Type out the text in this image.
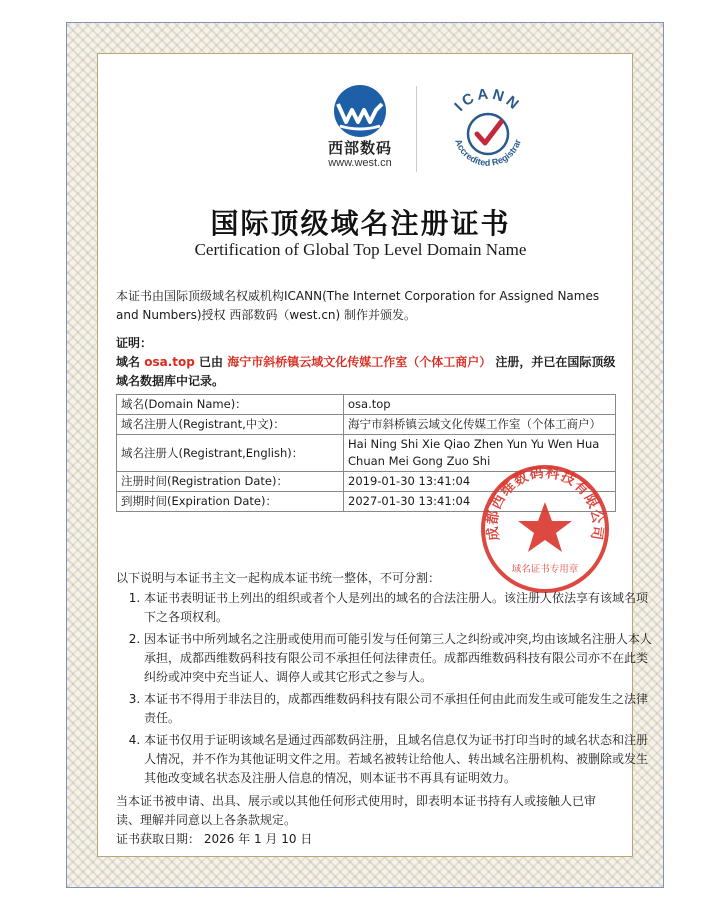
西部数码
www.west.cn
ICANN
Accredited Registrar
国际顶级域名注册证书
Certification of Global Top Level Domain Name
本证书由国际顶级域名权威机构ICANN(The Internet Corporation for Assigned Names and Numbers)授权 西部数码（west.cn) 制作并颁发。
证明：
域名 osa.top 已由 海宁市斜桥镇云域文化传媒工作室（个体工商户） 注册，并已在国际顶级域名数据库中记录。
域名(Domain Name)：	osa.top
域名注册人(Registrant,中文)：	海宁市斜桥镇云域文化传媒工作室（个体工商户）
域名注册人(Registrant,English)：	Hai Ning Shi Xie Qiao Zhen Yun Yu Wen Hua Chuan Mei Gong Zuo Shi
注册时间(Registration Date)：	2019-01-30 13:41:04
到期时间(Expiration Date)：	2027-01-30 13:41:04
成都西维数码科技有限公司
域名证书专用章
以下说明与本证书主文一起构成本证书统一整体，不可分割：
1. 本证书表明证书上列出的组织或者个人是列出的域名的合法注册人。该注册人依法享有该域名项下之各项权利。
2. 因本证书中所列域名之注册或使用而可能引发与任何第三人之纠纷或冲突,均由该域名注册人本人承担，成都西维数码科技有限公司不承担任何法律责任。成都西维数码科技有限公司亦不在此类纠纷或冲突中充当证人、调停人或其它形式之参与人。
3. 本证书不得用于非法目的，成都西维数码科技有限公司不承担任何由此而发生或可能发生之法律责任。
4. 本证书仅用于证明该域名是通过西部数码注册，且域名信息仅为证书打印当时的域名状态和注册人情况，并不作为其他证明文件之用。若域名被转让给他人、转出域名注册机构、被删除或发生其他改变域名状态及注册人信息的情况，则本证书不再具有证明效力。
当本证书被申请、出具、展示或以其他任何形式使用时，即表明本证书持有人或接触人已审读、理解并同意以上各条款规定。
证书获取日期： 2026 年 1 月 10 日
